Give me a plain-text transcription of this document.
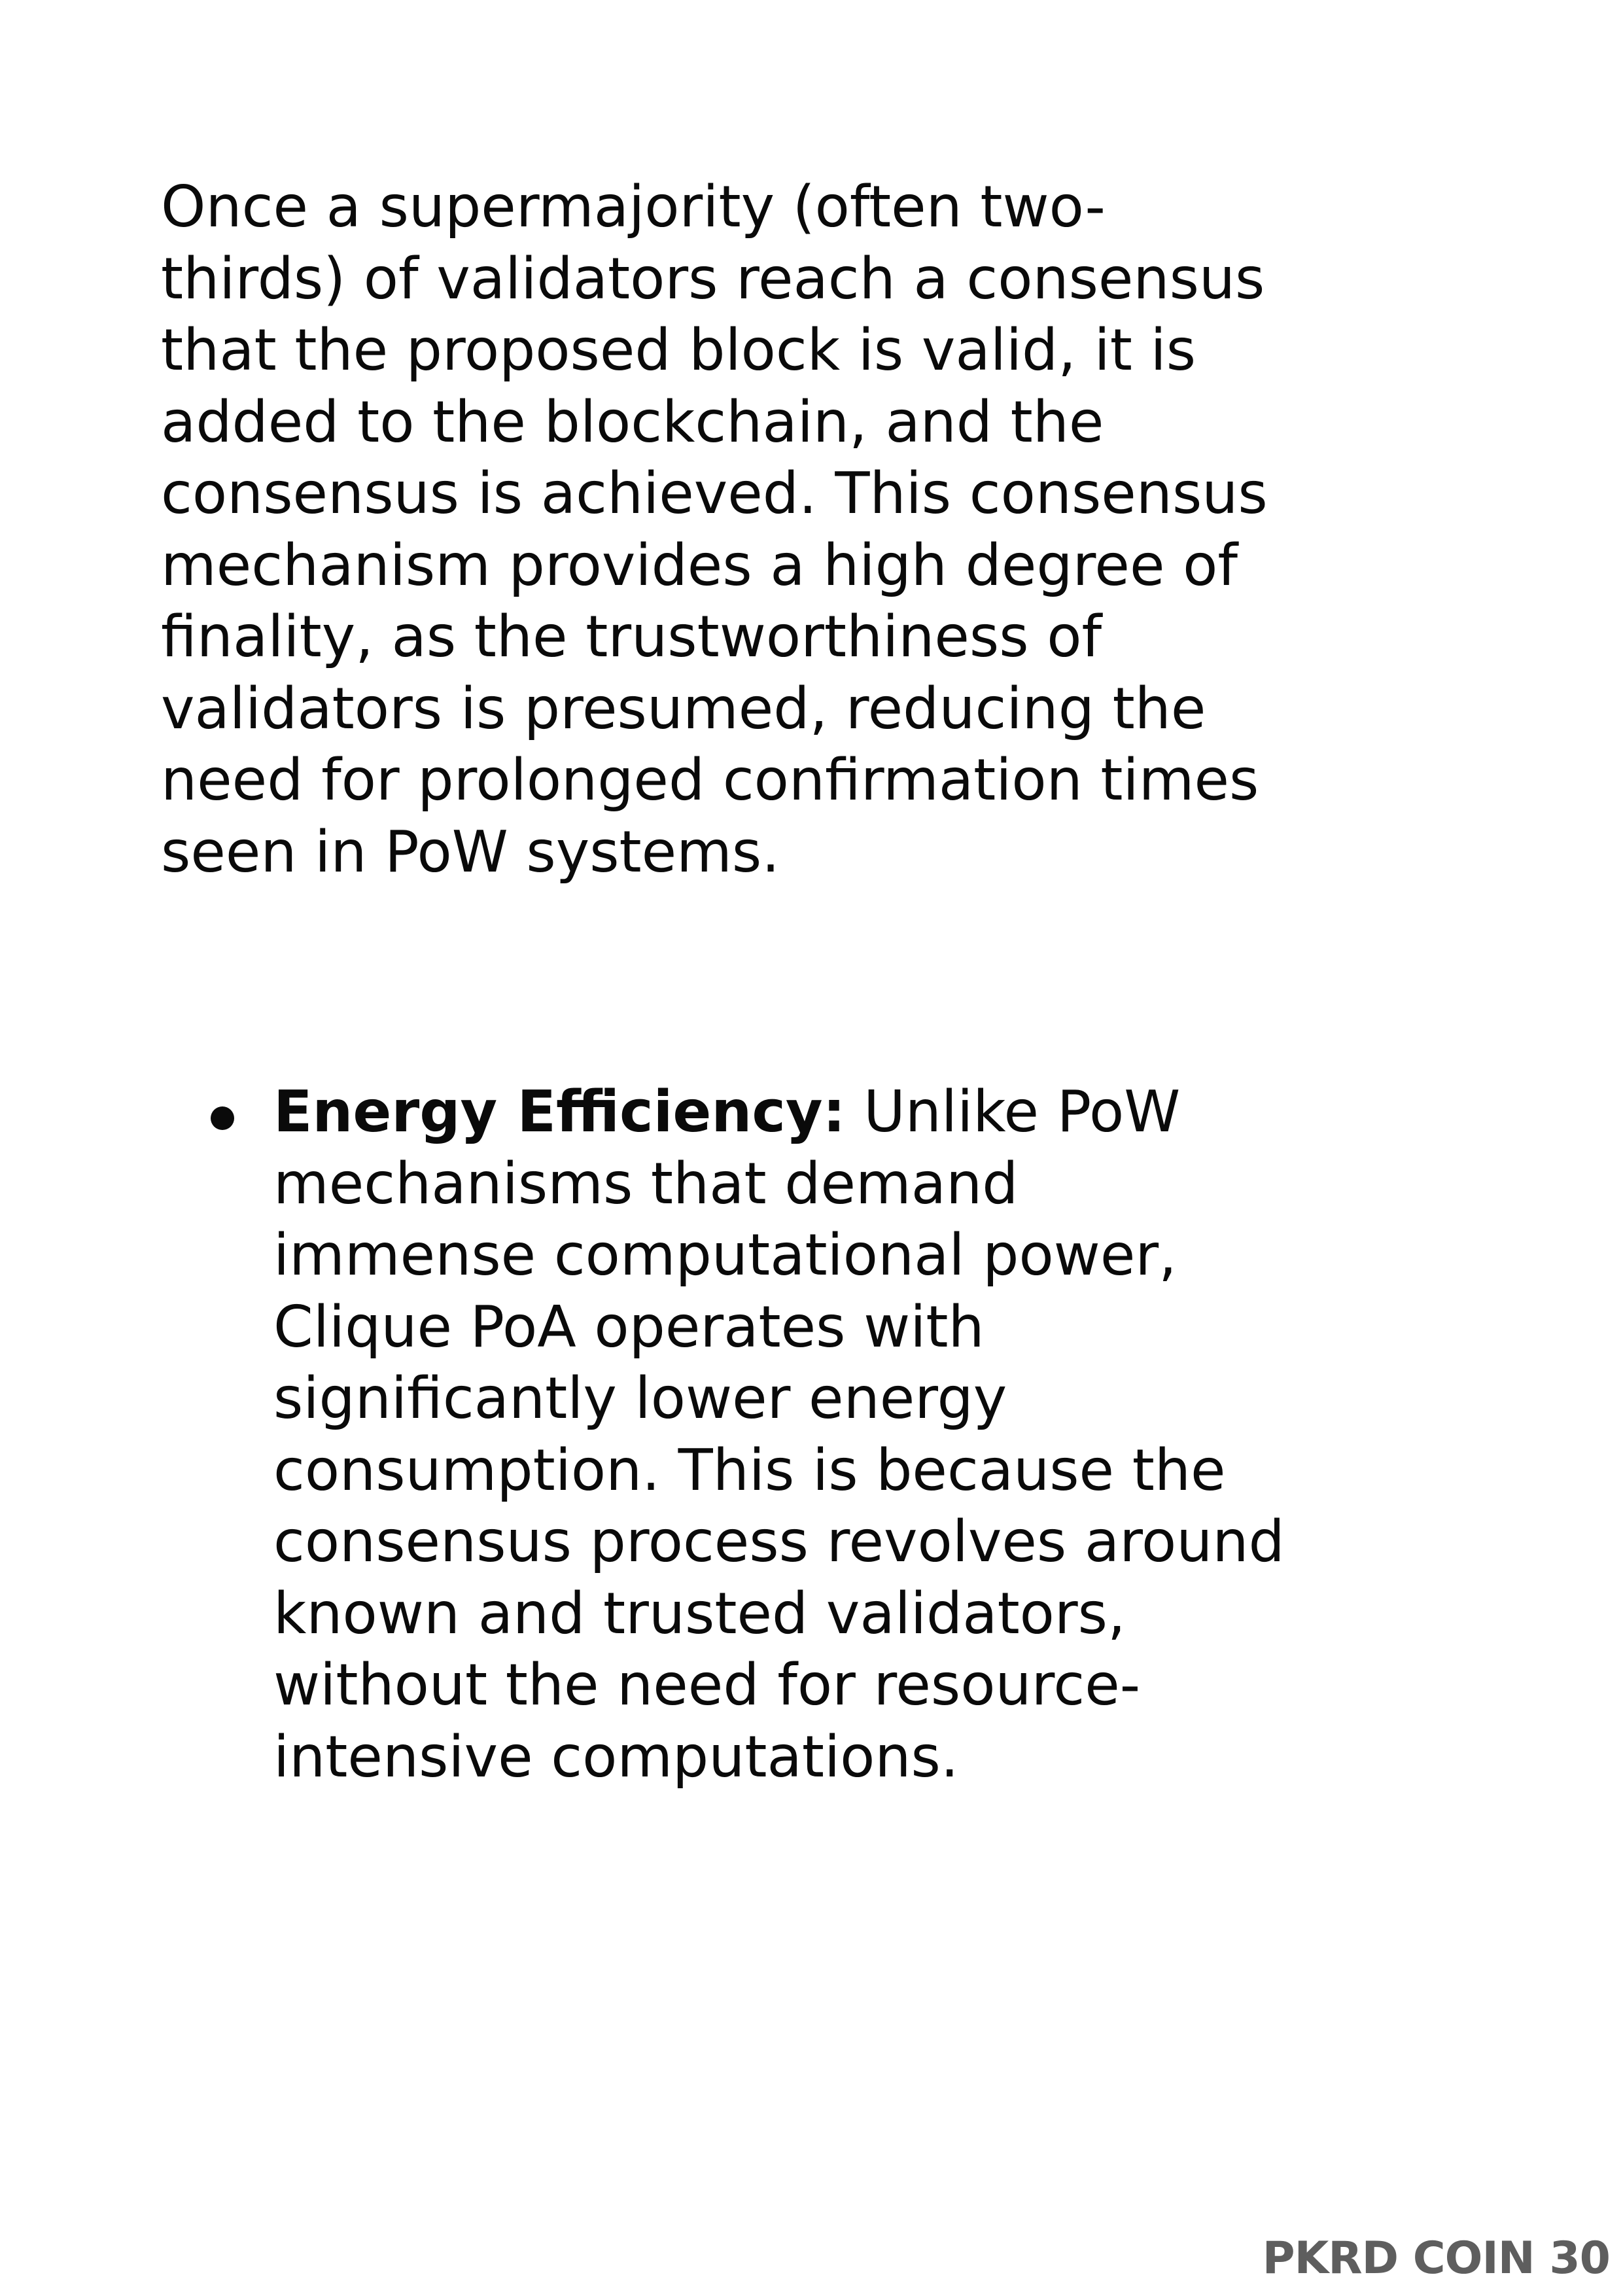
Once a supermajority (often two-
thirds) of validators reach a consensus
that the proposed block is valid, it is
added to the blockchain, and the
consensus is achieved. This consensus
mechanism provides a high degree of
finality, as the trustworthiness of
validators is presumed, reducing the
need for prolonged confirmation times
seen in PoW systems.

Energy Efficiency: Unlike PoW
mechanisms that demand
immense computational power,
Clique PoA operates with
significantly lower energy
consumption. This is because the
consensus process revolves around
known and trusted validators,
without the need for resource-
intensive computations.
PKRD COIN 30
